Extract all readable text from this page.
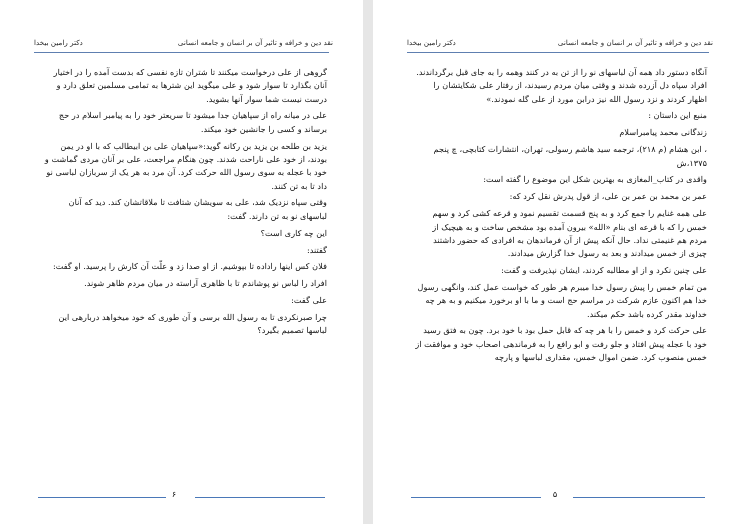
نقد دین و خرافه و تاثیر آن بر انسان و جامعه انسانی
دکتر رامین بیخدا

گروهی از علی درخواست میکنند تا شتران تازه نفسی که بدست آمده را در اختیار آنان بگذارد تا سوار شود و علی میگوید این شترها به تمامی مسلمین تعلق دارد و درست نیست شما سوار آنها بشوید.

علی در میانه راه از سپاهیان جدا میشود تا سریعتر خود را به پیامبر اسلام در حج برساند و کسی را جانشین خود میکند.

یزید بن طلحه بن یزید بن رکانه گوید:«سپاهیان علی بن ابیطالب که با او در یمن بودند، از خود علی ناراحت شدند. چون هنگام مراجعت، علی بر آنان مردی گماشت و خود با عجله به سوی رسول الله حرکت کرد. آن مرد به هر یک از سربازان لباسی نو داد تا به تن کنند.

وقتی سپاه نزدیک شد، علی به سویشان شتافت تا ملاقاتشان کند. دید که آنان لباسهای نو به تن دارند. گفت:

این چه کاری است؟

گفتند:

فلان کس اینها راداده تا بپوشیم. از او صدا زد و علّت آن کارش را پرسید. او گفت:

افراد را لباس نو پوشاندم تا با ظاهری آراسته در میان مردم ظاهر شوند.

علی گفت:

چرا صبرنکردی تا به رسول الله برسی و آن طوری که خود میخواهد دربارهی این لباسها تصمیم بگیرد؟

۶
نقد دین و خرافه و تاثیر آن بر انسان و جامعه انسانی
دکتر رامین بیخدا

آنگاه دستور داد همه آن لباسهای نو را از تن به در کنند وهمه را به جای قبل برگرداندند. افراد سپاه دل آزرده شدند و وقتی میان مردم رسیدند، از رفتار علی شکایتشان را اظهار کردند و نزد رسول الله نیز درابن مورد از علی گله نمودند.»

منبع این داستان :

زندگانی محمد پیامبراسلام

، ابن هشام (م ۲۱۸)، ترجمه سید هاشم رسولی، تهران، انتشارات کتابچی، چ پنجم ۱۳۷۵،ش

واقدی در کتاب_المغازی به بهترین شکل این موضوع را گفته است:

عمر بن محمد بن عمر بن علی، از قول پدرش نقل کرد که:

علی همه غنایم را جمع کرد و به پنج قسمت تقسیم نمود و قرعه کشی کرد و سهم خمس را که با قرعه ای بنام «الله» بیرون آمده بود مشخص ساخت و به هیچیک از مردم هم غنیمتی نداد. حال آنکه پیش از آن فرماندهان به افرادی که حضور داشتند چیزی از خمس میدادند و بعد به رسول خدا گزارش میدادند.

علی چنین نکرد و از او مطالبه کردند، ایشان نپذیرفت و گفت:

من تمام خمس را پیش رسول خدا میبرم هر طور که خواست عمل کند، وانگهی رسول خدا هم اکنون عازم شرکت در مراسم حج است و ما با او برخورد میکنیم و به هر چه خداوند مقدر کرده باشد حکم میکند.

علی حرکت کرد و خمس را با هر چه که قابل حمل بود با خود برد. چون به فتق رسید خود با عجله پیش افتاد و جلو رفت و ابو رافع را به فرماندهی اصحاب خود و موافقت از خمس منصوب کرد. ضمن اموال خمس، مقداری لباسها و پارچه

۵
